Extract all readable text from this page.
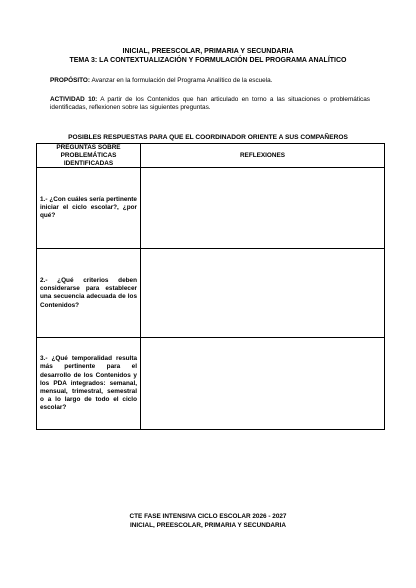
INICIAL, PREESCOLAR, PRIMARIA Y SECUNDARIA
TEMA 3: LA CONTEXTUALIZACIÓN Y FORMULACIÓN DEL PROGRAMA ANALÍTICO
PROPÓSITO: Avanzar en la formulación del Programa Analítico de la escuela.
ACTIVIDAD 10: A partir de los Contenidos que han articulado en torno a las situaciones o problemáticas identificadas, reflexionen sobre las siguientes preguntas.
POSIBLES RESPUESTAS PARA QUE EL COORDINADOR ORIENTE A SUS COMPAÑEROS
PREGUNTAS SOBRE PROBLEMÁTICAS IDENTIFICADAS	REFLEXIONES
1.- ¿Con cuáles sería pertinente iniciar el ciclo escolar?, ¿por qué?	
2.- ¿Qué criterios deben considerarse para establecer una secuencia adecuada de los Contenidos?	
3.- ¿Qué temporalidad resulta más pertinente para el desarrollo de los Contenidos y los PDA integrados: semanal, mensual, trimestral, semestral o a lo largo de todo el ciclo escolar?	
CTE FASE INTENSIVA CICLO ESCOLAR 2026 - 2027
INICIAL, PREESCOLAR, PRIMARIA Y SECUNDARIA
